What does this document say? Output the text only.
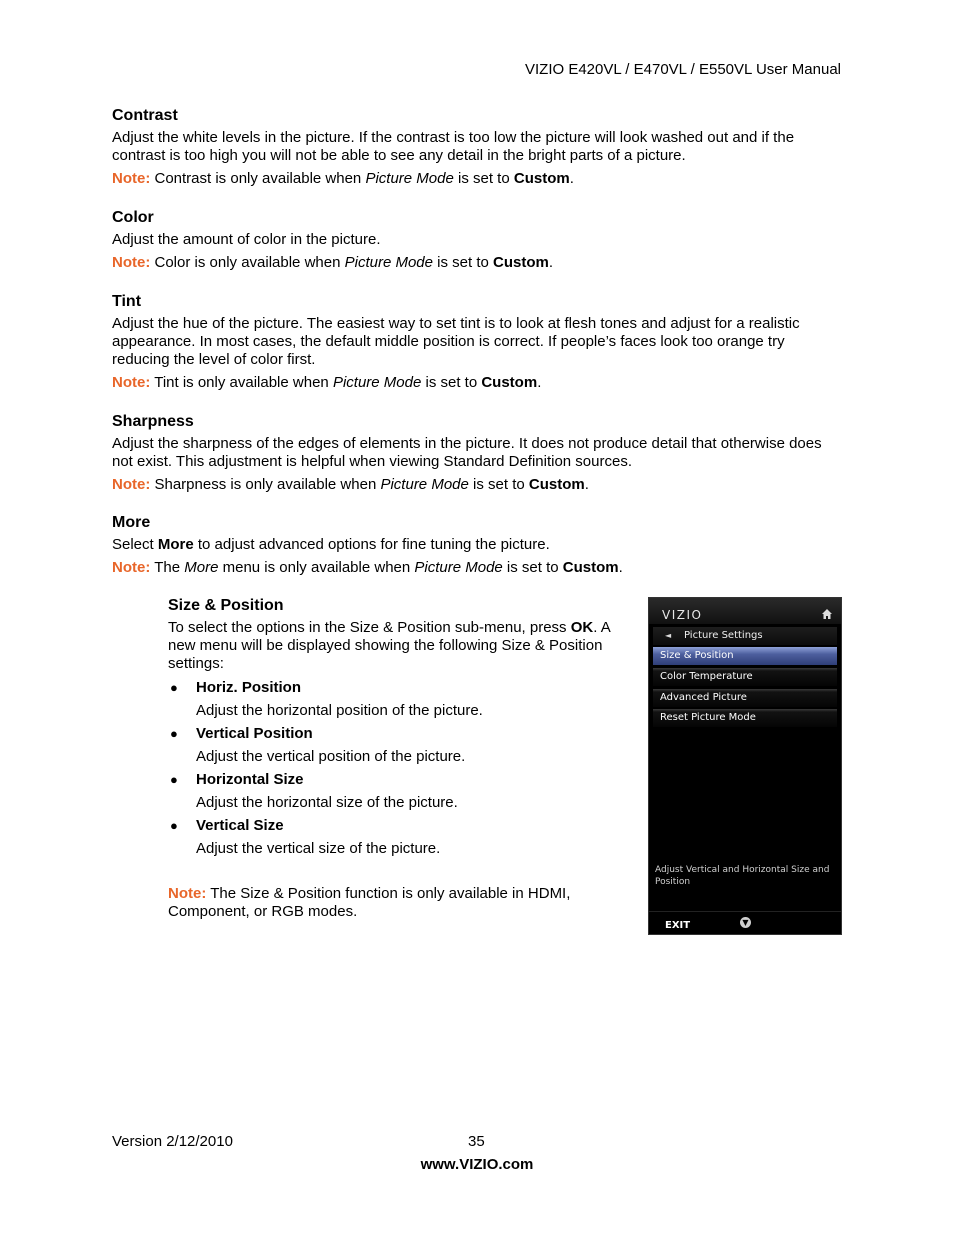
VIZIO E420VL / E470VL / E550VL User Manual
Contrast
Adjust the white levels in the picture. If the contrast is too low the picture will look washed out and if the contrast is too high you will not be able to see any detail in the bright parts of a picture.
Note: Contrast is only available when Picture Mode is set to Custom.
Color
Adjust the amount of color in the picture.
Note: Color is only available when Picture Mode is set to Custom.
Tint
Adjust the hue of the picture. The easiest way to set tint is to look at flesh tones and adjust for a realistic appearance. In most cases, the default middle position is correct. If people’s faces look too orange try reducing the level of color first.
Note: Tint is only available when Picture Mode is set to Custom.
Sharpness
Adjust the sharpness of the edges of elements in the picture. It does not produce detail that otherwise does not exist. This adjustment is helpful when viewing Standard Definition sources.
Note: Sharpness is only available when Picture Mode is set to Custom.
More
Select More to adjust advanced options for fine tuning the picture.
Note: The More menu is only available when Picture Mode is set to Custom.
Size & Position
To select the options in the Size & Position sub-menu, press OK. A new menu will be displayed showing the following Size & Position settings:
● Horiz. Position
Adjust the horizontal position of the picture.
● Vertical Position
Adjust the vertical position of the picture.
● Horizontal Size
Adjust the horizontal size of the picture.
● Vertical Size
Adjust the vertical size of the picture.
Note: The Size & Position function is only available in HDMI, Component, or RGB modes.
VIZIO
◄ Picture Settings
Size & Position
Color Temperature
Advanced Picture
Reset Picture Mode
Adjust Vertical and Horizontal Size and Position
EXIT	▼
Version 2/12/2010	35
www.VIZIO.com
